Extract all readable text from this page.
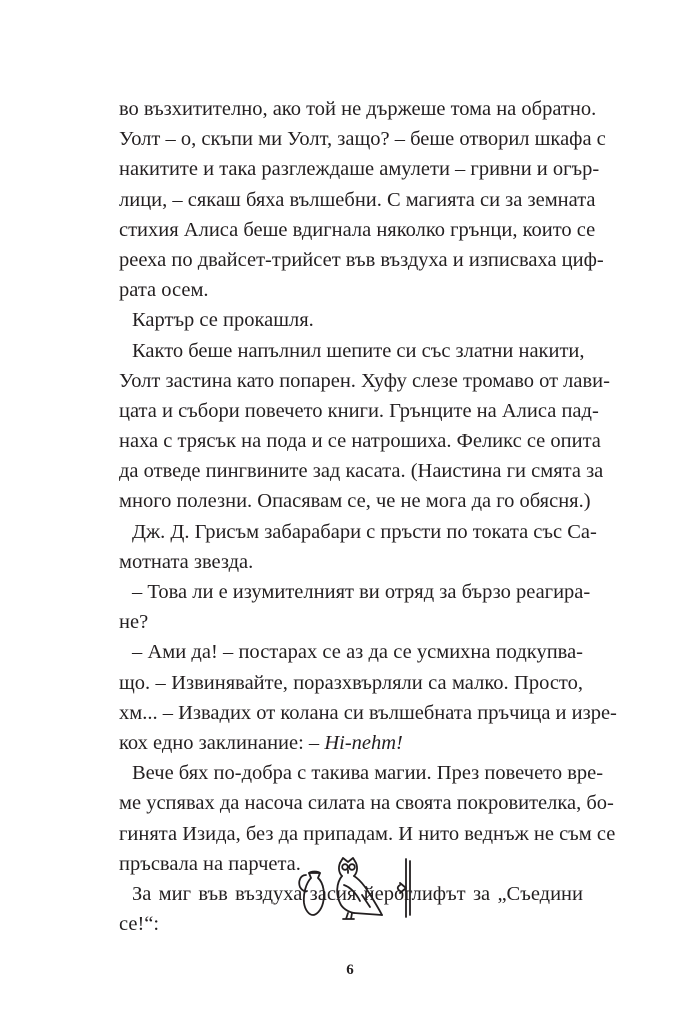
во възхитително, ако той не държеше тома на обратно.
Уолт – о, скъпи ми Уолт, защо? – беше отворил шкафа с
накитите и така разглеждаше амулети – гривни и огър-
лици, – сякаш бяха вълшебни. С магията си за земната
стихия Алиса беше вдигнала няколко грънци, които се
рееха по двайсет-трийсет във въздуха и изписваха циф-
рата осем.
Картър се прокашля.
Както беше напълнил шепите си със златни накити,
Уолт застина като попарен. Хуфу слезе тромаво от лави-
цата и събори повечето книги. Грънците на Алиса пад-
наха с трясък на пода и се натрошиха. Феликс се опита
да отведе пингвините зад касата. (Наистина ги смята за
много полезни. Опасявам се, че не мога да го обясня.)
Дж. Д. Грисъм забарабари с пръсти по токата със Са-
мотната звезда.
– Това ли е изумителният ви отряд за бързо реагира-
не?
– Ами да! – постарах се аз да се усмихна подкупва-
що. – Извинявайте, поразхвърляли са малко. Просто,
хм... – Извадих от колана си вълшебната пръчица и изре-
кох едно заклинание: – Hi-nehm!
Вече бях по-добра с такива магии. През повечето вре-
ме успявах да насоча силата на своята покровителка, бо-
гинята Изида, без да припадам. И нито веднъж не съм се
пръсвала на парчета.
За миг във въздуха засия йероглифът за „Съедини
се!“:
6
